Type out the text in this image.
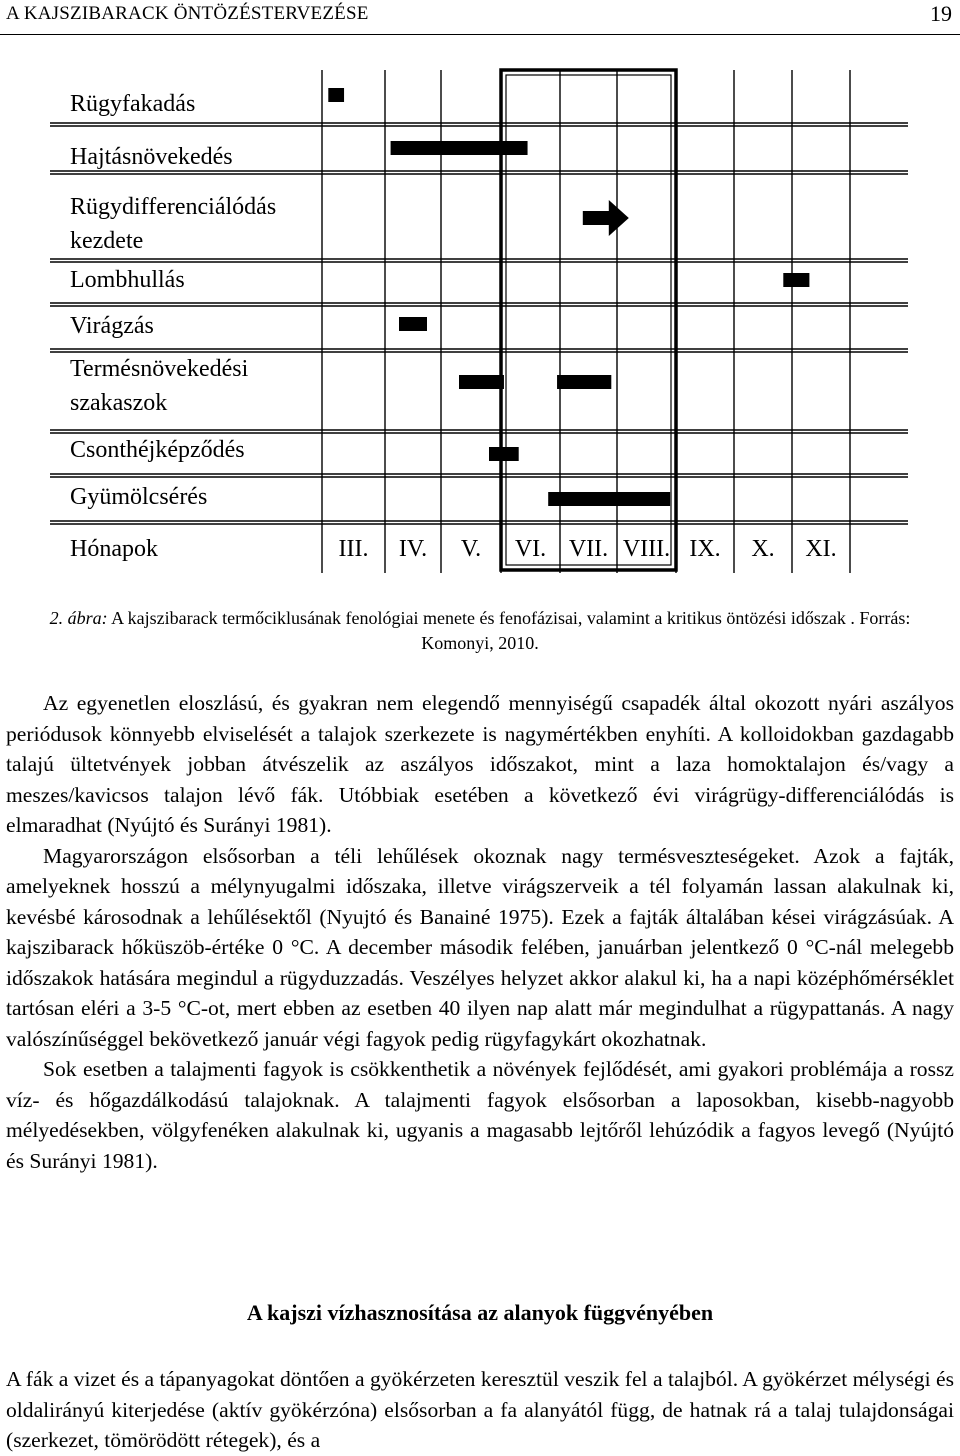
A KAJSZIBARACK ÖNTÖZÉSTERVEZÉSE	19
Rügyfakadás
Hajtásnövekedés
Rügydifferenciálódás
kezdete
Lombhullás
Virágzás
Termésnövekedési
szakaszok
Csonthéjképződés
Gyümölcsérés
Hónapok	III.	IV.	V.	VI. VII. VIII. IX.	X.	XI.
2. ábra: A kajszibarack termőciklusának fenológiai menete és fenofázisai, valamint a kritikus öntözési időszak . Forrás: Komonyi, 2010.

Az egyenetlen eloszlású, és gyakran nem elegendő mennyiségű csapadék által okozott nyári aszályos periódusok könnyebb elviselését a talajok szerkezete is nagymértékben enyhíti. A kolloidokban gazdagabb talajú ültetvények jobban átvészelik az aszályos időszakot, mint a laza homoktalajon és/vagy a meszes/kavicsos talajon lévő fák. Utóbbiak esetében a következő évi virágrügy-differenciálódás is elmaradhat (Nyújtó és Surányi 1981).

Magyarországon elsősorban a téli lehűlések okoznak nagy termésveszteségeket. Azok a fajták, amelyeknek hosszú a mélynyugalmi időszaka, illetve virágszerveik a tél folyamán lassan alakulnak ki, kevésbé károsodnak a lehűlésektől (Nyujtó és Banainé 1975). Ezek a fajták általában kései virágzásúak. A kajszibarack hőküszöb-értéke 0 °C. A december második felében, januárban jelentkező 0 °C-nál melegebb időszakok hatására megindul a rügyduzzadás. Veszélyes helyzet akkor alakul ki, ha a napi középhőmérséklet tartósan eléri a 3-5 °C-ot, mert ebben az esetben 40 ilyen nap alatt már megindulhat a rügypattanás. A nagy valószínűséggel bekövetkező január végi fagyok pedig rügyfagykárt okozhatnak.

Sok esetben a talajmenti fagyok is csökkenthetik a növények fejlődését, ami gyakori problémája a rossz víz- és hőgazdálkodású talajoknak. A talajmenti fagyok elsősorban a laposokban, kisebb-nagyobb mélyedésekben, völgyfenéken alakulnak ki, ugyanis a magasabb lejtőről lehúzódik a fagyos levegő (Nyújtó és Surányi 1981).

A kajszi vízhasznosítása az alanyok függvényében

A fák a vizet és a tápanyagokat döntően a gyökérzeten keresztül veszik fel a talajból. A gyökérzet mélységi és oldalirányú kiterjedése (aktív gyökérzóna) elsősorban a fa alanyától függ, de hatnak rá a talaj tulajdonságai (szerkezet, tömörödött rétegek), és a
